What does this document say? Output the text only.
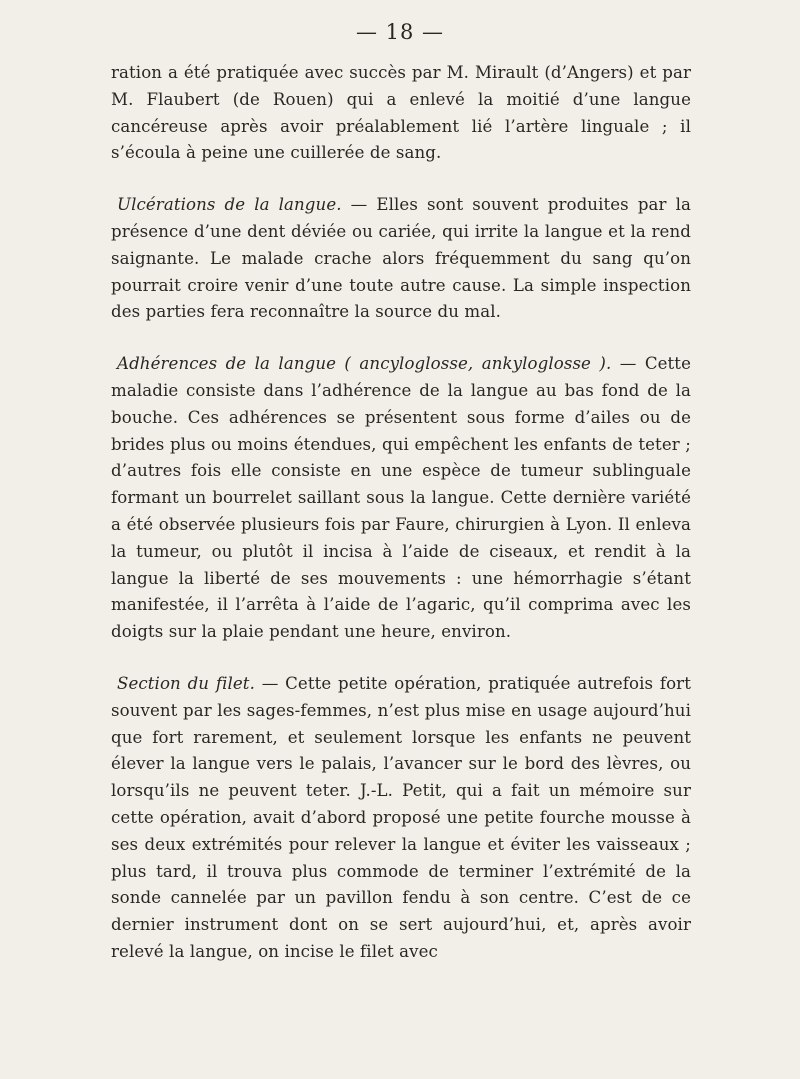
— 18 —

ration a été pratiquée avec succès par M. Mirault (d’Angers) et par M. Flaubert (de Rouen) qui a enlevé la moitié d’une langue cancéreuse après avoir préalablement lié l’artère linguale ; il s’écoula à peine une cuillerée de sang.

Ulcérations de la langue. — Elles sont souvent produites par la présence d’une dent déviée ou cariée, qui irrite la langue et la rend saignante. Le malade crache alors fréquemment du sang qu’on pourrait croire venir d’une toute autre cause. La simple inspection des parties fera reconnaître la source du mal.

Adhérences de la langue ( ancyloglosse, ankyloglosse ). — Cette maladie consiste dans l’adhérence de la langue au bas fond de la bouche. Ces adhérences se présentent sous forme d’ailes ou de brides plus ou moins étendues, qui empêchent les enfants de teter ; d’autres fois elle consiste en une espèce de tumeur sublinguale formant un bourrelet saillant sous la langue. Cette dernière variété a été observée plusieurs fois par Faure, chirurgien à Lyon. Il enleva la tumeur, ou plutôt il incisa à l’aide de ciseaux, et rendit à la langue la liberté de ses mouvements : une hémorrhagie s’étant manifestée, il l’arrêta à l’aide de l’agaric, qu’il comprima avec les doigts sur la plaie pendant une heure, environ.

Section du filet. — Cette petite opération, pratiquée autrefois fort souvent par les sages-femmes, n’est plus mise en usage aujourd’hui que fort rarement, et seulement lorsque les enfants ne peuvent élever la langue vers le palais, l’avancer sur le bord des lèvres, ou lorsqu’ils ne peuvent teter. J.-L. Petit, qui a fait un mémoire sur cette opération, avait d’abord proposé une petite fourche mousse à ses deux extrémités pour relever la langue et éviter les vaisseaux ; plus tard, il trouva plus commode de terminer l’extrémité de la sonde cannelée par un pavillon fendu à son centre. C’est de ce dernier instrument dont on se sert aujourd’hui, et, après avoir relevé la langue, on incise le filet avec
